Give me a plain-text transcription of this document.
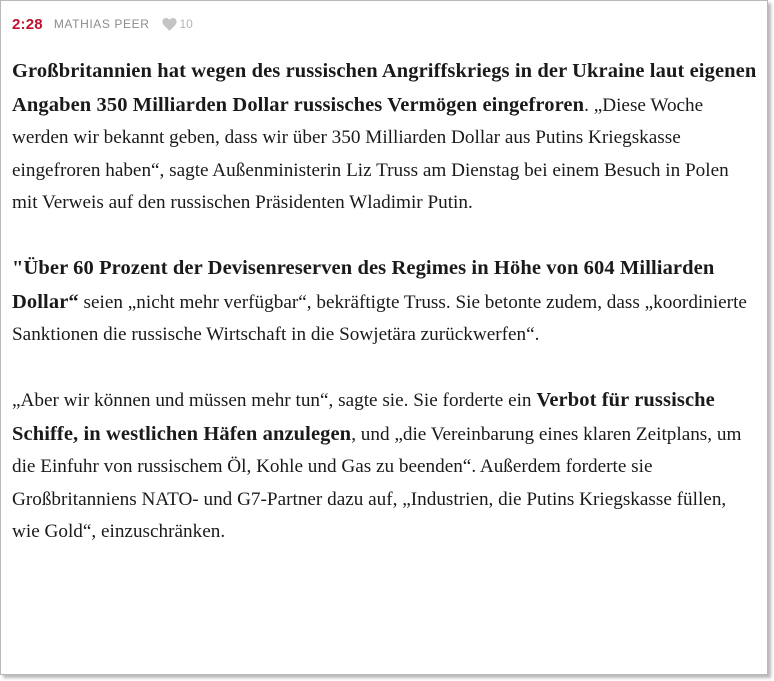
2:28 MATHIAS PEER	10

Großbritannien hat wegen des russischen Angriffskriegs in der Ukraine laut eigenen Angaben 350 Milliarden Dollar russisches Vermögen eingefroren. „Diese Woche werden wir bekannt geben, dass wir über 350 Milliarden Dollar aus Putins Kriegskasse eingefroren haben“, sagte Außenministerin Liz Truss am Dienstag bei einem Besuch in Polen mit Verweis auf den russischen Präsidenten Wladimir Putin.

"Über 60 Prozent der Devisenreserven des Regimes in Höhe von 604 Milliarden Dollar“ seien „nicht mehr verfügbar“, bekräftigte Truss. Sie betonte zudem, dass „koordinierte Sanktionen die russische Wirtschaft in die Sowjetära zurückwerfen“.

„Aber wir können und müssen mehr tun“, sagte sie. Sie forderte ein Verbot für russische Schiffe, in westlichen Häfen anzulegen, und „die Vereinbarung eines klaren Zeitplans, um die Einfuhr von russischem Öl, Kohle und Gas zu beenden“. Außerdem forderte sie Großbritanniens NATO- und G7-Partner dazu auf, „Industrien, die Putins Kriegskasse füllen, wie Gold“, einzuschränken.
